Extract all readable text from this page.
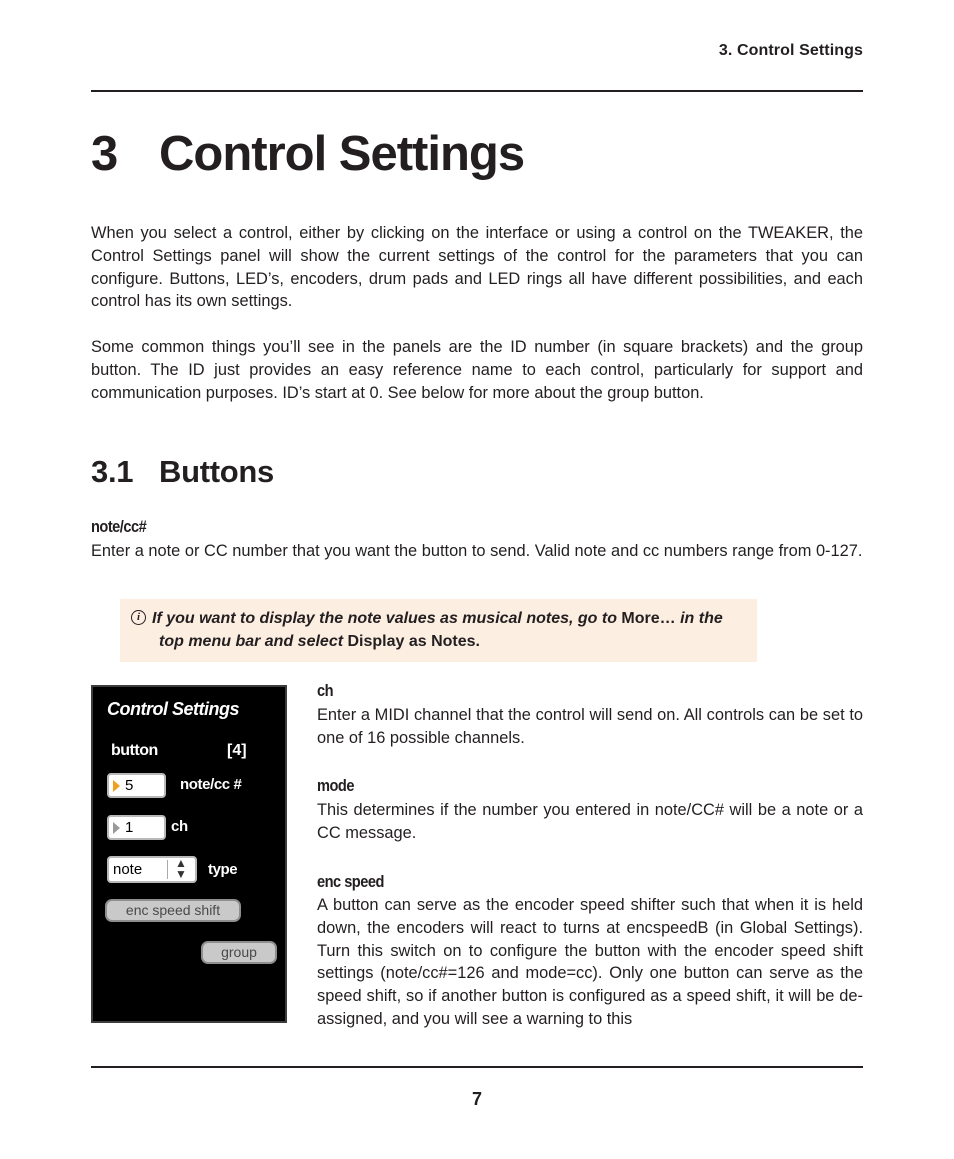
3. Control Settings
3 Control Settings

When you select a control, either by clicking on the interface or using a control on the TWEAKER, the Control Settings panel will show the current settings of the control for the parameters that you can configure. Buttons, LED’s, encoders, drum pads and LED rings all have different possibilities, and each control has its own settings.

Some common things you’ll see in the panels are the ID number (in square brackets) and the group button. The ID just provides an easy reference name to each control, particularly for support and communication purposes. ID’s start at 0. See below for more about the group button.

3.1 Buttons
note/cc#

Enter a note or CC number that you want the button to send. Valid note and cc numbers range from 0-127.

i If you want to display the note values as musical notes, go to More… in the
top menu bar and select Display as Notes.
Control Settings
button	[4]
5	note/cc #
1	ch
note	▲
▼ type
enc speed shift
group
ch

Enter a MIDI channel that the control will send on. All controls can be set to one of 16 possible channels.

mode

This determines if the number you entered in note/CC# will be a note or a CC message.

enc speed

A button can serve as the encoder speed shifter such that when it is held down, the encoders will react to turns at encspeedB (in Global Settings). Turn this switch on to configure the button with the encoder speed shift settings (note/cc#=126 and mode=cc). Only one button can serve as the speed shift, so if another button is configured as a speed shift, it will be de-assigned, and you will see a warning to this

7
